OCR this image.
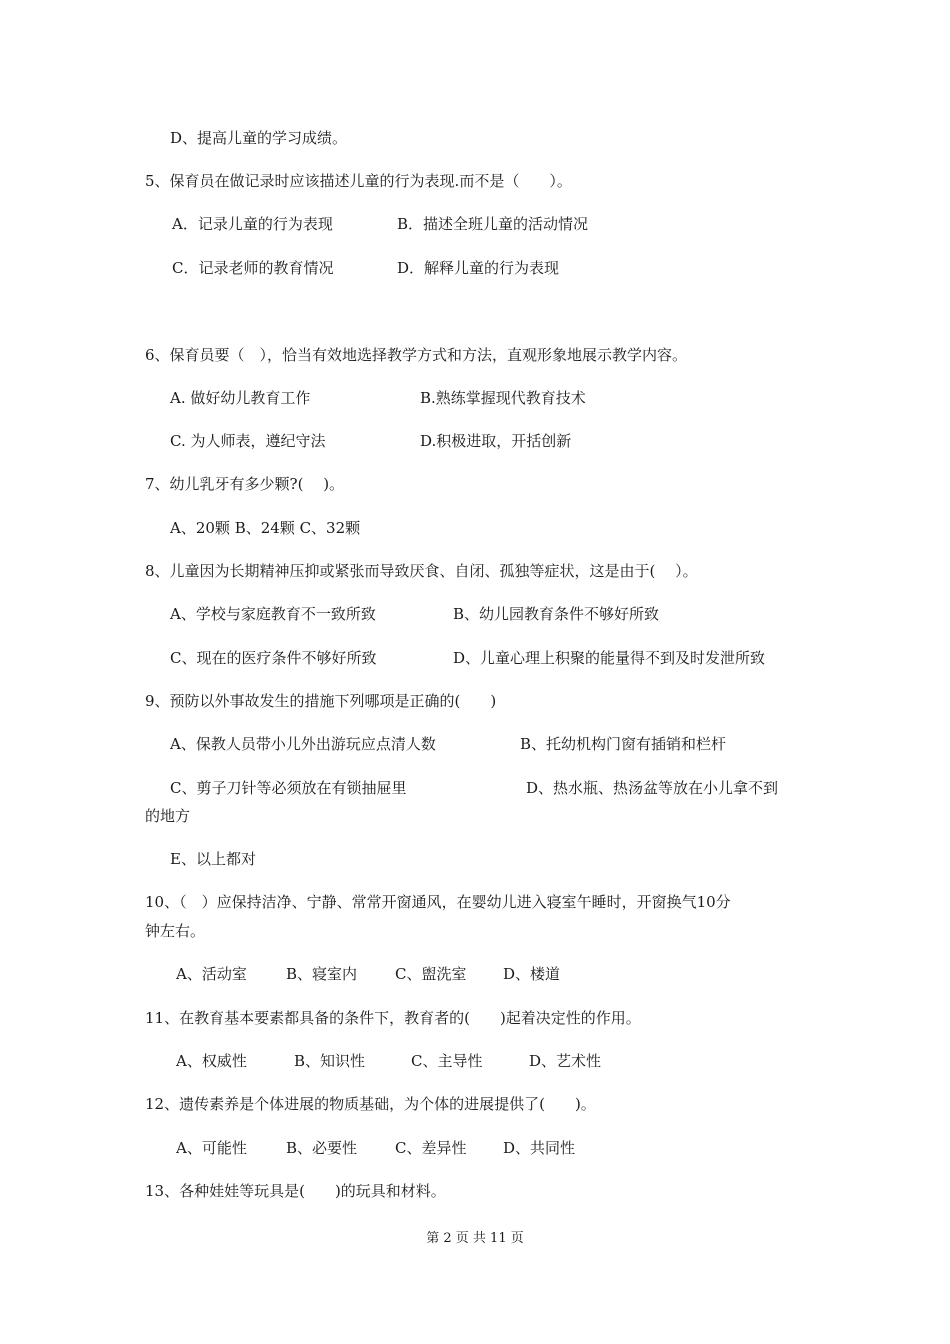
D、提高儿童的学习成绩。
5、保育员在做记录时应该描述儿童的行为表现.而不是（　　）。
A．记录儿童的行为表现	B．描述全班儿童的活动情况
C．记录老师的教育情况	D．解释儿童的行为表现
6、保育员要（　），恰当有效地选择教学方式和方法，直观形象地展示教学内容。
A. 做好幼儿教育工作	B.熟练掌握现代教育技术
C. 为人师表，遵纪守法	D.积极进取，开括创新
7、幼儿乳牙有多少颗?(　 )。
A、20颗 B、24颗 C、32颗
8、儿童因为长期精神压抑或紧张而导致厌食、自闭、孤独等症状，这是由于(　 ）。
A、学校与家庭教育不一致所致	B、幼儿园教育条件不够好所致
C、现在的医疗条件不够好所致	D、儿童心理上积聚的能量得不到及时发泄所致
9、预防以外事故发生的措施下列哪项是正确的(　　)
A、保教人员带小儿外出游玩应点清人数	B、托幼机构门窗有插销和栏杆
C、剪子刀针等必须放在有锁抽屉里	D、热水瓶、热汤盆等放在小儿拿不到
的地方
E、以上都对
10、（　）应保持洁净、宁静、常常开窗通风，在婴幼儿进入寝室午睡时，开窗换气10分
钟左右。
A、活动室	B、寝室内	C、盥洗室 D、楼道
11、在教育基本要素都具备的条件下，教育者的(　　)起着决定性的作用。
A、权威性	B、知识性	C、主导性	D、艺术性
12、遗传素养是个体进展的物质基础，为个体的进展提供了(　　)。
A、可能性	B、必要性	C、差异性 D、共同性
13、各种娃娃等玩具是(　　)的玩具和材料。
第 2 页 共 11 页
